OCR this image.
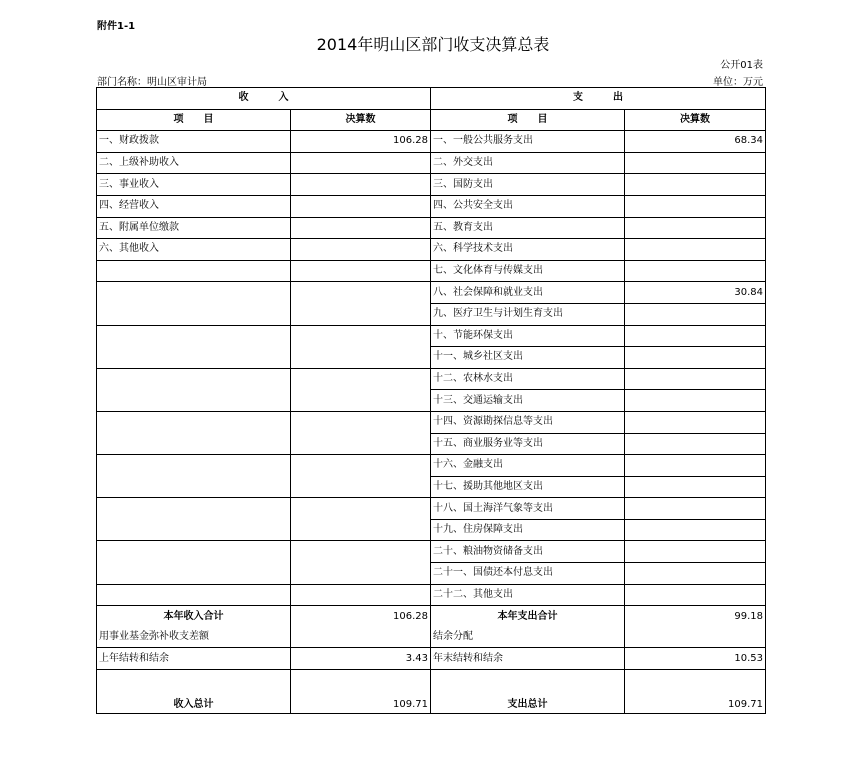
附件1-1
2014年明山区部门收支决算总表
公开01表
部门名称：明山区审计局	单位：万元
收　　　入		支　　　出	
项　　目	决算数	项　　目	决算数
一、财政拨款	106.28	一、一般公共服务支出	68.34
二、上级补助收入		二、外交支出	
三、事业收入		三、国防支出	
四、经营收入		四、公共安全支出	
五、附属单位缴款		五、教育支出	
六、其他收入		六、科学技术支出	
		七、文化体育与传媒支出	
		八、社会保障和就业支出	30.84
		九、医疗卫生与计划生育支出	
		十、节能环保支出	
		十一、城乡社区支出	
		十二、农林水支出	
		十三、交通运输支出	
		十四、资源勘探信息等支出	
		十五、商业服务业等支出	
		十六、金融支出	
		十七、援助其他地区支出	
		十八、国土海洋气象等支出	
		十九、住房保障支出	
		二十、粮油物资储备支出	
		二十一、国债还本付息支出	
		二十二、其他支出	
本年收入合计	106.28	本年支出合计	99.18
用事业基金弥补收支差额		结余分配	
上年结转和结余	3.43	年末结转和结余	10.53
收入总计	109.71	支出总计	109.71
